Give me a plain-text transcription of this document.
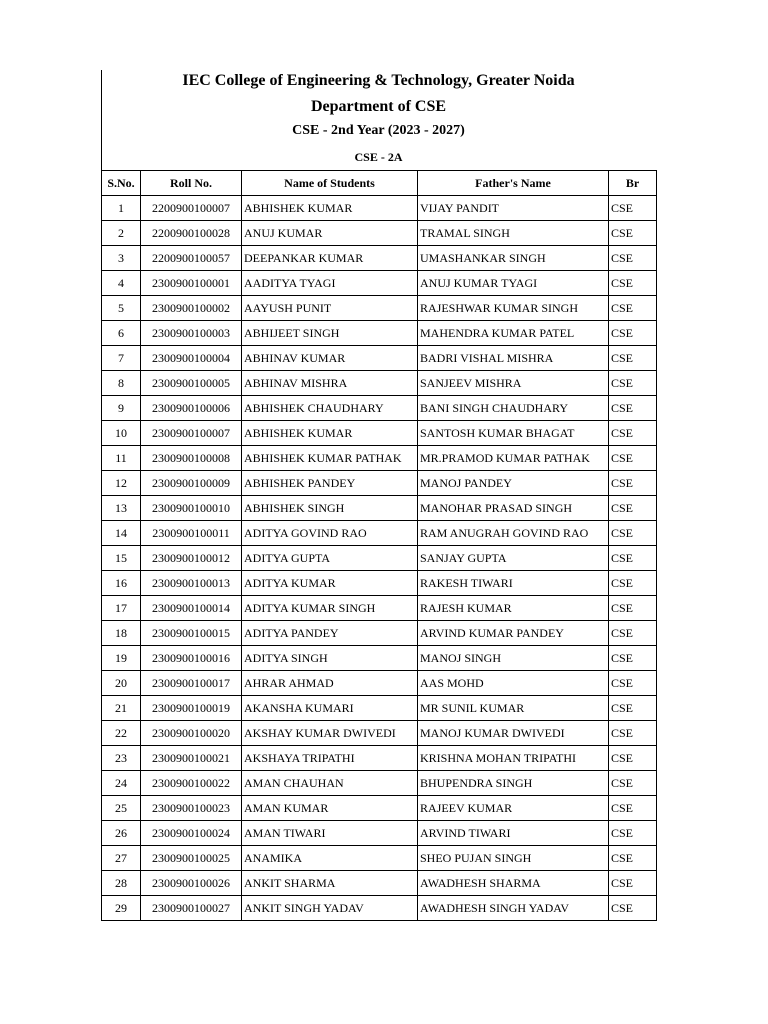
IEC College of Engineering & Technology, Greater Noida
Department of CSE
CSE - 2nd Year (2023 - 2027)
CSE - 2A
S.No.	Roll No.	Name of Students	Father's Name	Br
1	2200900100007	ABHISHEK KUMAR	VIJAY PANDIT	CSE
2	2200900100028	ANUJ KUMAR	TRAMAL SINGH	CSE
3	2200900100057	DEEPANKAR KUMAR	UMASHANKAR SINGH	CSE
4	2300900100001	AADITYA TYAGI	ANUJ KUMAR TYAGI	CSE
5	2300900100002	AAYUSH PUNIT	RAJESHWAR KUMAR SINGH	CSE
6	2300900100003	ABHIJEET SINGH	MAHENDRA KUMAR PATEL	CSE
7	2300900100004	ABHINAV KUMAR	BADRI VISHAL MISHRA	CSE
8	2300900100005	ABHINAV MISHRA	SANJEEV MISHRA	CSE
9	2300900100006	ABHISHEK CHAUDHARY	BANI SINGH CHAUDHARY	CSE
10	2300900100007	ABHISHEK KUMAR	SANTOSH KUMAR BHAGAT	CSE
11	2300900100008	ABHISHEK KUMAR PATHAK	MR.PRAMOD KUMAR PATHAK	CSE
12	2300900100009	ABHISHEK PANDEY	MANOJ PANDEY	CSE
13	2300900100010	ABHISHEK SINGH	MANOHAR PRASAD SINGH	CSE
14	2300900100011	ADITYA GOVIND RAO	RAM ANUGRAH GOVIND RAO	CSE
15	2300900100012	ADITYA GUPTA	SANJAY GUPTA	CSE
16	2300900100013	ADITYA KUMAR	RAKESH TIWARI	CSE
17	2300900100014	ADITYA KUMAR SINGH	RAJESH KUMAR	CSE
18	2300900100015	ADITYA PANDEY	ARVIND KUMAR PANDEY	CSE
19	2300900100016	ADITYA SINGH	MANOJ SINGH	CSE
20	2300900100017	AHRAR AHMAD	AAS MOHD	CSE
21	2300900100019	AKANSHA KUMARI	MR SUNIL KUMAR	CSE
22	2300900100020	AKSHAY KUMAR DWIVEDI	MANOJ KUMAR DWIVEDI	CSE
23	2300900100021	AKSHAYA TRIPATHI	KRISHNA MOHAN TRIPATHI	CSE
24	2300900100022	AMAN CHAUHAN	BHUPENDRA SINGH	CSE
25	2300900100023	AMAN KUMAR	RAJEEV KUMAR	CSE
26	2300900100024	AMAN TIWARI	ARVIND TIWARI	CSE
27	2300900100025	ANAMIKA	SHEO PUJAN SINGH	CSE
28	2300900100026	ANKIT SHARMA	AWADHESH SHARMA	CSE
29	2300900100027	ANKIT SINGH YADAV	AWADHESH SINGH YADAV	CSE
